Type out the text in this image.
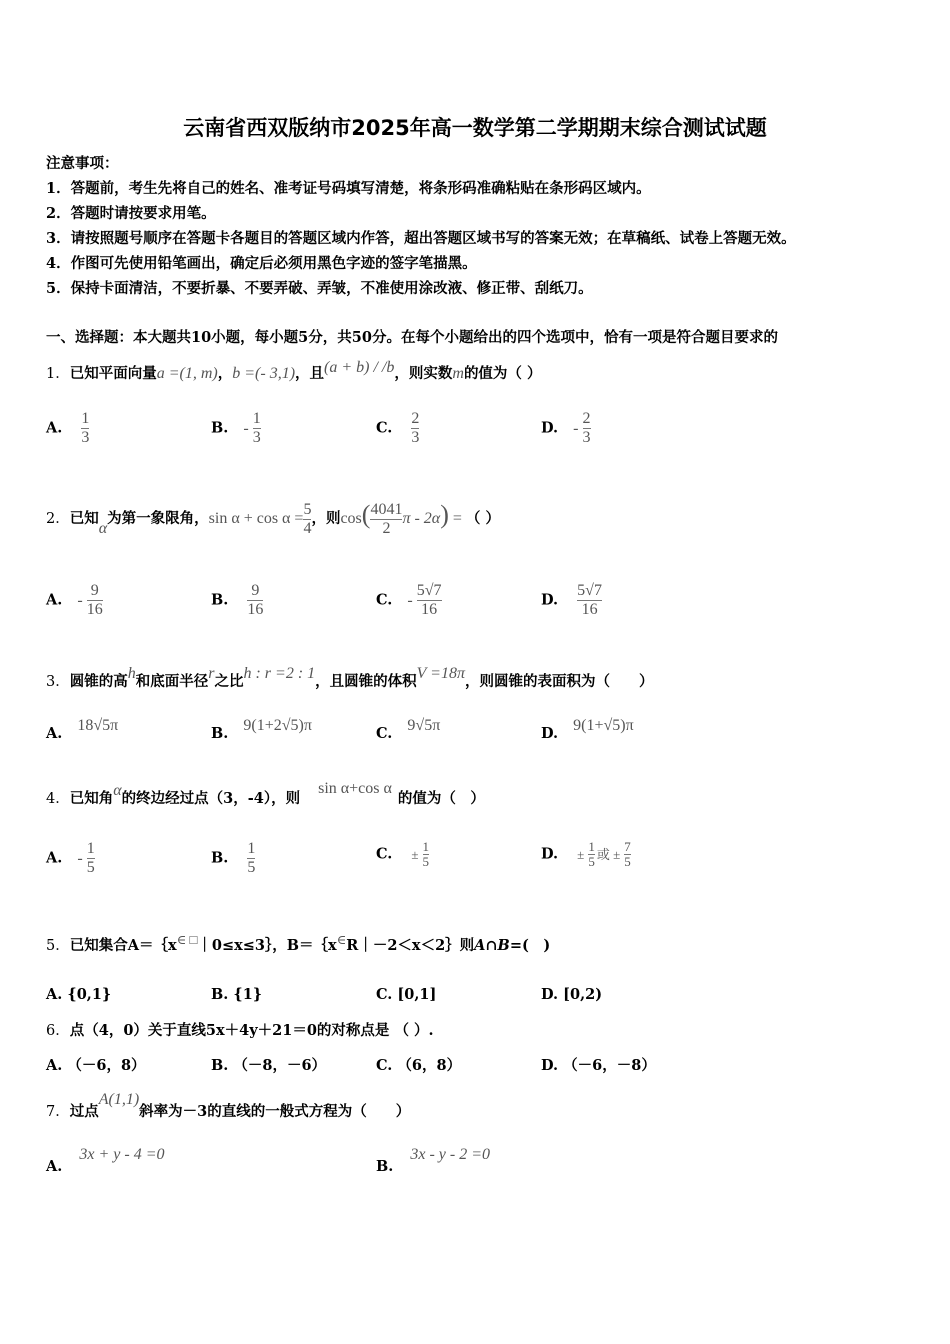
云南省西双版纳市2025年高一数学第二学期期末综合测试试题
注意事项：
1．答题前，考生先将自己的姓名、准考证号码填写清楚，将条形码准确粘贴在条形码区域内。
2．答题时请按要求用笔。
3．请按照题号顺序在答题卡各题目的答题区域内作答，超出答题区域书写的答案无效；在草稿纸、试卷上答题无效。
4．作图可先使用铅笔画出，确定后必须用黑色字迹的签字笔描黑。
5．保持卡面清洁，不要折暴、不要弄破、弄皱，不准使用涂改液、修正带、刮纸刀。
一、选择题：本大题共10小题，每小题5分，共50分。在每个小题给出的四个选项中，恰有一项是符合题目要求的
1．已知平面向量a =(1, m)，b =(- 3,1)，且(a + b) / /b，则实数m的值为（ ）
A. $\frac{1}{3}$	B. - $\frac{1}{3}$	C. $\frac{2}{3}$	D. - $\frac{2}{3}$
2．已知α为第一象限角，$\sin \alpha + \cos \alpha = \frac{5}{4}$ ，则$\cos( \frac{4041}{2}$ π - 2α) = （ ）
A. - $\frac{9}{16}$	B. $\frac{9}{16}$	C. - $\frac{5√7}{16}$	D. $\frac{5√7}{16}$
3．圆锥的高h和底面半径r之比h : r =2 : 1，且圆锥的体积V =18π，则圆锥的表面积为（　　）
A. 18√5π	B. 9(1+2√5)π	C. 9√5π	D. 9(1+√5)π
4．已知角α的终边经过点（3，-4），则sin α+cos α的值为（　）
A. - $\frac{1}{5}$	B. $\frac{1}{5}$	C. ± $\frac{1}{5}$	D. ± $\frac{1}{5}$ 或 ± $\frac{7}{5}$
5．已知集合A＝｛x∈ □｜0≤x≤3｝，B＝｛x∈R｜－2＜x＜2｝则A∩B=(　)
A. {0,1}	B. {1}	C. [0,1]	D. [0,2)
6．点（4，0）关于直线5x＋4y＋21＝0的对称点是 （ ）.
A. （－6，8）	B. （－8，－6）	C. （6，8）	D. （－6，－8）
7．过点A(1,1)斜率为－3的直线的一般式方程为（　　）
A. 3x + y - 4 =0
B. 3x - y - 2 =0
